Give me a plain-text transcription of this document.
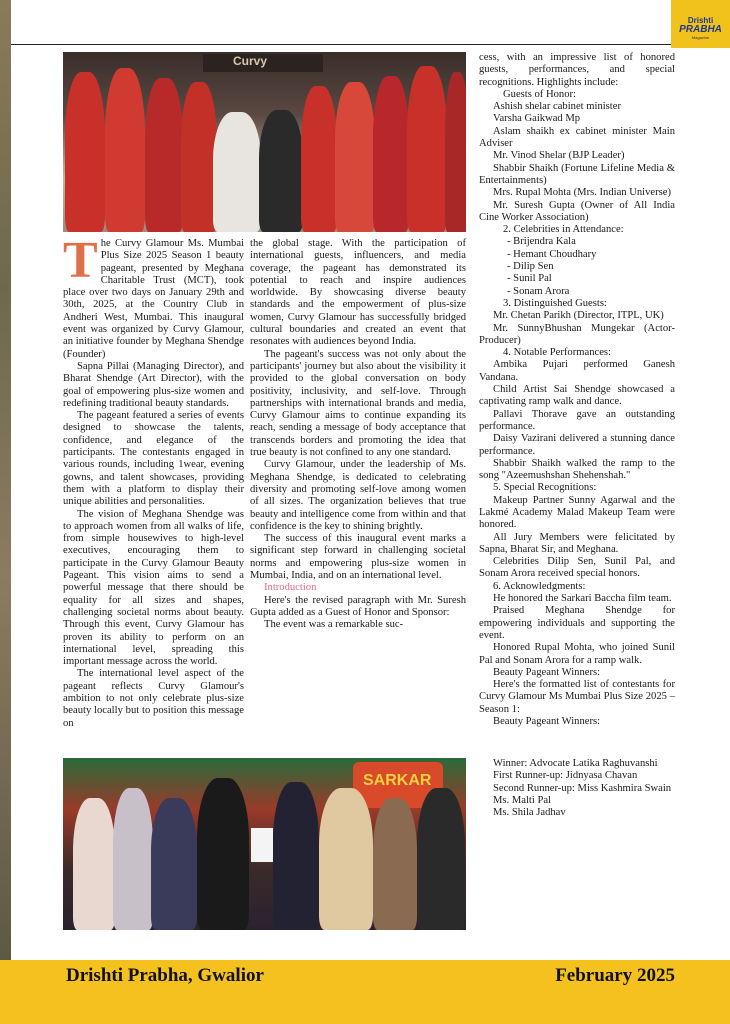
Drishti
PRABHA
Magazine
Curvy
T he Curvy Glamour Ms. Mumbai Plus Size 2025 Season 1 beauty pageant, presented by Meghana Charitable Trust (MCT), took place over two days on January 29th and 30th, 2025, at the Country Club in Andheri West, Mumbai. This inaugural event was organized by Curvy Glamour, an initiative founder by Meghana Shendge (Founder)

Sapna Pillai (Managing Director), and Bharat Shendge (Art Director), with the goal of empowering plus-size women and redefining traditional beauty standards.

The pageant featured a series of events designed to showcase the talents, confidence, and elegance of the participants. The contestants engaged in various rounds, including 1wear, evening gowns, and talent showcases, providing them with a platform to display their unique abilities and personalities.

The vision of Meghana Shendge was to approach women from all walks of life, from simple housewives to high-level executives, encouraging them to participate in the Curvy Glamour Beauty Pageant. This vision aims to send a powerful message that there should be equality for all sizes and shapes, challenging societal norms about beauty. Through this event, Curvy Glamour has proven its ability to perform on an international level, spreading this important message across the world.

The international level aspect of the pageant reflects Curvy Glamour's ambition to not only celebrate plus-size beauty locally but to position this message on

the global stage. With the participation of international guests, influencers, and media coverage, the pageant has demonstrated its potential to reach and inspire audiences worldwide. By showcasing diverse beauty standards and the empowerment of plus-size women, Curvy Glamour has successfully bridged cultural boundaries and created an event that resonates with audiences beyond India.

The pageant's success was not only about the participants' journey but also about the visibility it provided to the global conversation on body positivity, inclusivity, and self-love. Through partnerships with international brands and media, Curvy Glamour aims to continue expanding its reach, sending a message of body acceptance that transcends borders and promoting the idea that true beauty is not confined to any one standard.

Curvy Glamour, under the leadership of Ms. Meghana Shendge, is dedicated to celebrating diversity and promoting self-love among women of all sizes. The organization believes that true beauty and intelligence come from within and that confidence is the key to shining brightly.

The success of this inaugural event marks a significant step forward in challenging societal norms and empowering plus-size women in Mumbai, India, and on an international level.

Introduction

Here's the revised paragraph with Mr. Suresh Gupta added as a Guest of Honor and Sponsor:

The event was a remarkable suc-

cess, with an impressive list of honored guests, performances, and special recognitions. Highlights include:

Guests of Honor:

Ashish shelar cabinet minister

Varsha Gaikwad Mp

Aslam shaikh ex cabinet minister Main Adviser

Mr. Vinod Shelar (BJP Leader)

Shabbir Shaikh (Fortune Lifeline Media & Entertainments)

Mrs. Rupal Mohta (Mrs. Indian Universe)

Mr. Suresh Gupta (Owner of All India Cine Worker Association)

2. Celebrities in Attendance:

- Brijendra Kala

- Hemant Choudhary

- Dilip Sen

- Sunil Pal

- Sonam Arora

3. Distinguished Guests:

Mr. Chetan Parikh (Director, ITPL, UK)

Mr. SunnyBhushan Mungekar (Actor-Producer)

4. Notable Performances:

Ambika Pujari performed Ganesh Vandana.

Child Artist Sai Shendge showcased a captivating ramp walk and dance.

Pallavi Thorave gave an outstanding performance.

Daisy Vazirani delivered a stunning dance performance.

Shabbir Shaikh walked the ramp to the song "Azeemushshan Shehenshah."

5. Special Recognitions:

Makeup Partner Sunny Agarwal and the Lakmé Academy Malad Makeup Team were honored.

All Jury Members were felicitated by Sapna, Bharat Sir, and Meghana.

Celebrities Dilip Sen, Sunil Pal, and Sonam Arora received special honors.

6. Acknowledgments:

He honored the Sarkari Baccha film team.

Praised Meghana Shendge for empowering individuals and supporting the event.

Honored Rupal Mohta, who joined Sunil Pal and Sonam Arora for a ramp walk.

Beauty Pageant Winners:

Here's the formatted list of contestants for Curvy Glamour Ms Mumbai Plus Size 2025 – Season 1:

Beauty Pageant Winners:

SARKAR

Winner: Advocate Latika Raghuvanshi

First Runner-up: Jidnyasa Chavan

Second Runner-up: Miss Kashmira Swain

Ms. Malti Pal

Ms. Shila Jadhav

Drishti Prabha, Gwalior	February 2025
